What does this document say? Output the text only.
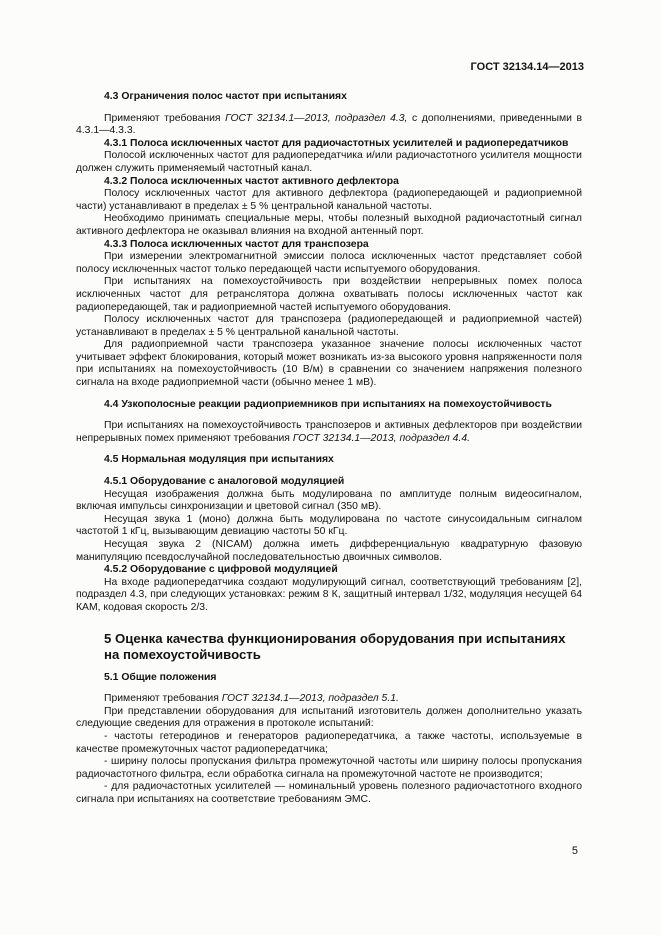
ГОСТ 32134.14—2013

4.3 Ограничения полос частот при испытаниях

Применяют требования ГОСТ 32134.1—2013, подраздел 4.3, с дополнениями, приведенными в 4.3.1—4.3.3.

4.3.1 Полоса исключенных частот для радиочастотных усилителей и радиопередатчиков

Полосой исключенных частот для радиопередатчика и/или радиочастотного усилителя мощности должен служить применяемый частотный канал.

4.3.2 Полоса исключенных частот активного дефлектора

Полосу исключенных частот для активного дефлектора (радиопередающей и радиоприемной части) устанавливают в пределах ± 5 % центральной канальной частоты.

Необходимо принимать специальные меры, чтобы полезный выходной радиочастотный сигнал активного дефлектора не оказывал влияния на входной антенный порт.

4.3.3 Полоса исключенных частот для транспозера

При измерении электромагнитной эмиссии полоса исключенных частот представляет собой полосу исключенных частот только передающей части испытуемого оборудования.

При испытаниях на помехоустойчивость при воздействии непрерывных помех полоса исключенных частот для ретранслятора должна охватывать полосы исключенных частот как радиопередающей, так и радиоприемной частей испытуемого оборудования.

Полосу исключенных частот для транспозера (радиопередающей и радиоприемной частей) устанавливают в пределах ± 5 % центральной канальной частоты.

Для радиоприемной части транспозера указанное значение полосы исключенных частот учитывает эффект блокирования, который может возникать из-за высокого уровня напряженности поля при испытаниях на помехоустойчивость (10 В/м) в сравнении со значением напряжения полезного сигнала на входе радиоприемной части (обычно менее 1 мВ).

4.4 Узкополосные реакции радиоприемников при испытаниях на помехоустойчивость

При испытаниях на помехоустойчивость транспозеров и активных дефлекторов при воздействии непрерывных помех применяют требования ГОСТ 32134.1—2013, подраздел 4.4.

4.5 Нормальная модуляция при испытаниях

4.5.1 Оборудование с аналоговой модуляцией

Несущая изображения должна быть модулирована по амплитуде полным видеосигналом, включая импульсы синхронизации и цветовой сигнал (350 мВ).

Несущая звука 1 (моно) должна быть модулирована по частоте синусоидальным сигналом частотой 1 кГц, вызывающим девиацию частоты 50 кГц.

Несущая звука 2 (NICAM) должна иметь дифференциальную квадратурную фазовую манипуляцию псевдослучайной последовательностью двоичных символов.

4.5.2 Оборудование с цифровой модуляцией

На входе радиопередатчика создают модулирующий сигнал, соответствующий требованиям [2], подраздел 4.3, при следующих установках: режим 8 К, защитный интервал 1/32, модуляция несущей 64 КАМ, кодовая скорость 2/3.

5 Оценка качества функционирования оборудования при испытаниях

на помехоустойчивость

5.1 Общие положения

Применяют требования ГОСТ 32134.1—2013, подраздел 5.1.

При представлении оборудования для испытаний изготовитель должен дополнительно указать следующие сведения для отражения в протоколе испытаний:

- частоты гетеродинов и генераторов радиопередатчика, а также частоты, используемые в качестве промежуточных частот радиопередатчика;

- ширину полосы пропускания фильтра промежуточной частоты или ширину полосы пропускания радиочастотного фильтра, если обработка сигнала на промежуточной частоте не производится;

- для радиочастотных усилителей — номинальный уровень полезного радиочастотного входного сигнала при испытаниях на соответствие требованиям ЭМС.

5
